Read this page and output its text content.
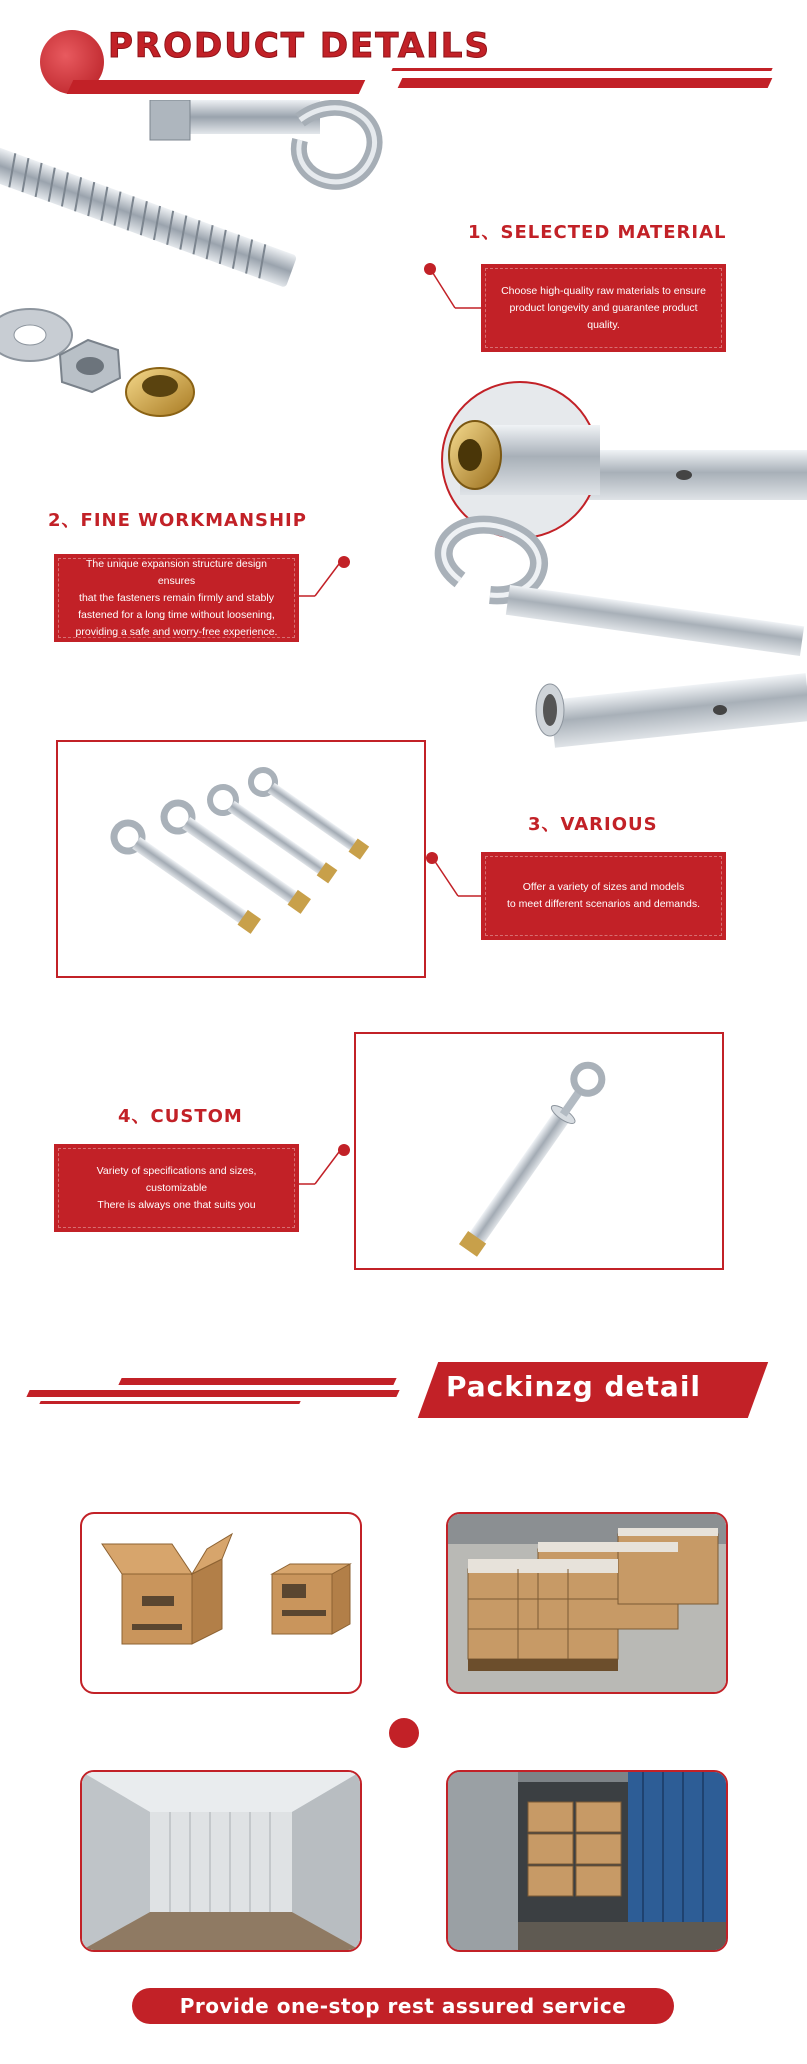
PRODUCT DETAILS
1、SELECTED MATERIAL
Choose high-quality raw materials to ensure
product longevity and guarantee product quality.
2、FINE WORKMANSHIP
The unique expansion structure design ensures
that the fasteners remain firmly and stably
fastened for a long time without loosening,
providing a safe and worry-free experience.
3、VARIOUS
Offer a variety of sizes and models
to meet different scenarios and demands.
4、CUSTOM
Variety of specifications and sizes,
customizable
There is always one that suits you
Packinzg detail
Provide one-stop rest assured service
